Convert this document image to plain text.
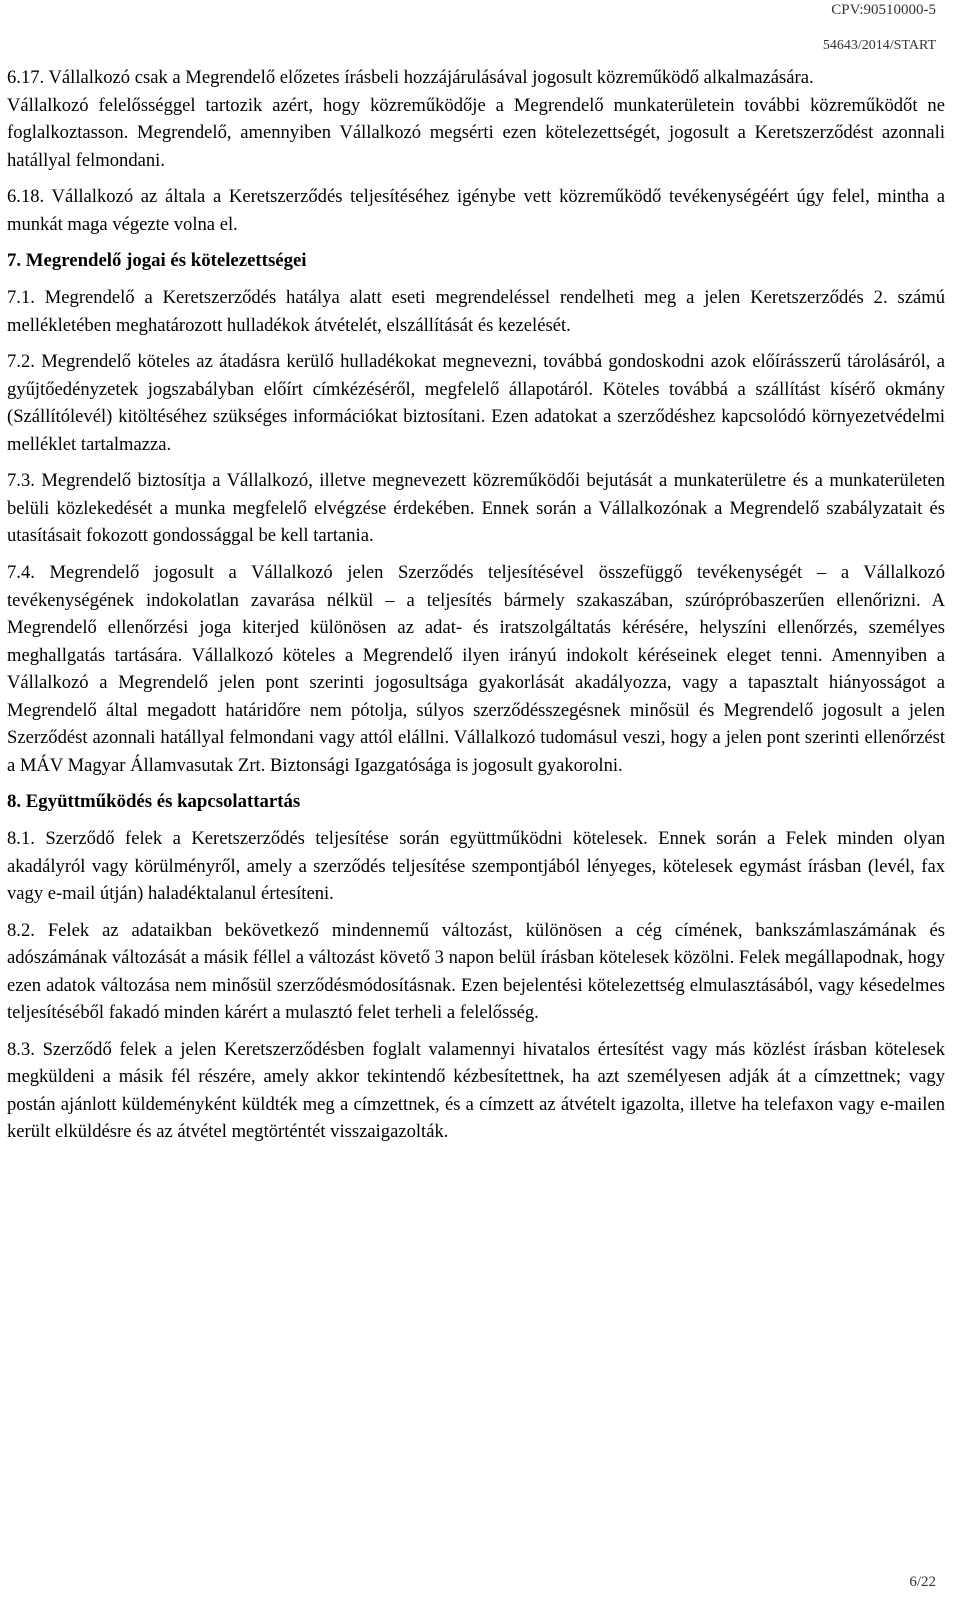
CPV:90510000-5
54643/2014/START

6.17. Vállalkozó csak a Megrendelő előzetes írásbeli hozzájárulásával jogosult közreműködő alkalmazására.

Vállalkozó felelősséggel tartozik azért, hogy közreműködője a Megrendelő munkaterületein további közreműködőt ne foglalkoztasson. Megrendelő, amennyiben Vállalkozó megsérti ezen kötelezettségét, jogosult a Keretszerződést azonnali hatállyal felmondani.

6.18. Vállalkozó az általa a Keretszerződés teljesítéséhez igénybe vett közreműködő tevékenységéért úgy felel, mintha a munkát maga végezte volna el.

7. Megrendelő jogai és kötelezettségei

7.1. Megrendelő a Keretszerződés hatálya alatt eseti megrendeléssel rendelheti meg a jelen Keretszerződés 2. számú mellékletében meghatározott hulladékok átvételét, elszállítását és kezelését.

7.2. Megrendelő köteles az átadásra kerülő hulladékokat megnevezni, továbbá gondoskodni azok előírásszerű tárolásáról, a gyűjtőedényzetek jogszabályban előírt címkézéséről, megfelelő állapotáról. Köteles továbbá a szállítást kísérő okmány (Szállítólevél) kitöltéséhez szükséges információkat biztosítani. Ezen adatokat a szerződéshez kapcsolódó környezetvédelmi melléklet tartalmazza.

7.3. Megrendelő biztosítja a Vállalkozó, illetve megnevezett közreműködői bejutását a munkaterületre és a munkaterületen belüli közlekedését a munka megfelelő elvégzése érdekében. Ennek során a Vállalkozónak a Megrendelő szabályzatait és utasításait fokozott gondossággal be kell tartania.

7.4. Megrendelő jogosult a Vállalkozó jelen Szerződés teljesítésével összefüggő tevékenységét – a Vállalkozó tevékenységének indokolatlan zavarása nélkül – a teljesítés bármely szakaszában, szúrópróbaszerűen ellenőrizni. A Megrendelő ellenőrzési joga kiterjed különösen az adat- és iratszolgáltatás kérésére, helyszíni ellenőrzés, személyes meghallgatás tartására. Vállalkozó köteles a Megrendelő ilyen irányú indokolt kéréseinek eleget tenni. Amennyiben a Vállalkozó a Megrendelő jelen pont szerinti jogosultsága gyakorlását akadályozza, vagy a tapasztalt hiányosságot a Megrendelő által megadott határidőre nem pótolja, súlyos szerződésszegésnek minősül és Megrendelő jogosult a jelen Szerződést azonnali hatállyal felmondani vagy attól elállni. Vállalkozó tudomásul veszi, hogy a jelen pont szerinti ellenőrzést a MÁV Magyar Államvasutak Zrt. Biztonsági Igazgatósága is jogosult gyakorolni.

8. Együttműködés és kapcsolattartás

8.1. Szerződő felek a Keretszerződés teljesítése során együttműködni kötelesek. Ennek során a Felek minden olyan akadályról vagy körülményről, amely a szerződés teljesítése szempontjából lényeges, kötelesek egymást írásban (levél, fax vagy e-mail útján) haladéktalanul értesíteni.

8.2. Felek az adataikban bekövetkező mindennemű változást, különösen a cég címének, bankszámlaszámának és adószámának változását a másik féllel a változást követő 3 napon belül írásban kötelesek közölni. Felek megállapodnak, hogy ezen adatok változása nem minősül szerződésmódosításnak. Ezen bejelentési kötelezettség elmulasztásából, vagy késedelmes teljesítéséből fakadó minden kárért a mulasztó felet terheli a felelősség.

8.3. Szerződő felek a jelen Keretszerződésben foglalt valamennyi hivatalos értesítést vagy más közlést írásban kötelesek megküldeni a másik fél részére, amely akkor tekintendő kézbesítettnek, ha azt személyesen adják át a címzettnek; vagy postán ajánlott küldeményként küldték meg a címzettnek, és a címzett az átvételt igazolta, illetve ha telefaxon vagy e-mailen került elküldésre és az átvétel megtörténtét visszaigazolták.

6/22
